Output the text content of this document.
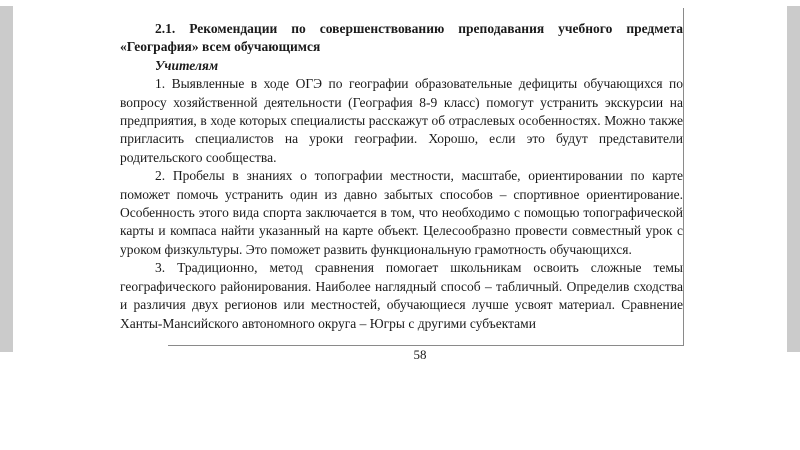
2.1. Рекомендации по совершенствованию преподавания учебного предмета «География» всем обучающимся

Учителям

1. Выявленные в ходе ОГЭ по географии образовательные дефициты обучающихся по вопросу хозяйственной деятельности (География 8-9 класс) помогут устранить экскурсии на предприятия, в ходе которых специалисты расскажут об отраслевых особенностях. Можно также пригласить специалистов на уроки географии. Хорошо, если это будут представители родительского сообщества.

2. Пробелы в знаниях о топографии местности, масштабе, ориентировании по карте поможет помочь устранить один из давно забытых способов – спортивное ориентирование. Особенность этого вида спорта заключается в том, что необходимо с помощью топографической карты и компаса найти указанный на карте объект. Целесообразно провести совместный урок с уроком физкультуры. Это поможет развить функциональную грамотность обучающихся.

3. Традиционно, метод сравнения помогает школьникам освоить сложные темы географического районирования. Наиболее наглядный способ – табличный. Определив сходства и различия двух регионов или местностей, обучающиеся лучше усвоят материал. Сравнение Ханты-Мансийского автономного округа – Югры с другими субъектами

58
